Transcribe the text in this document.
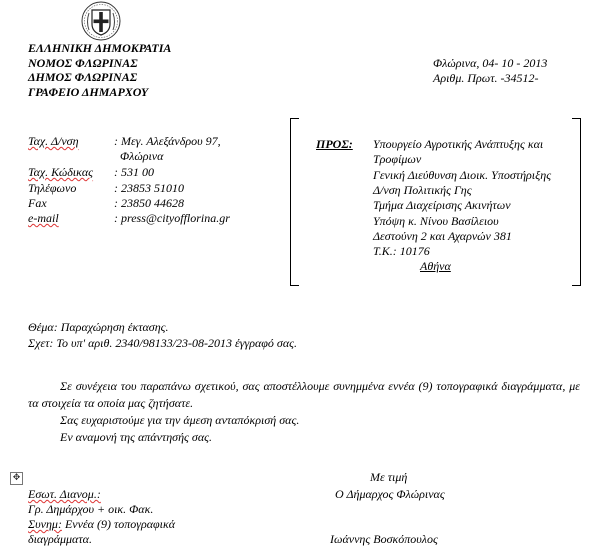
ΕΛΛΗΝΙΚΗ ΔΗΜΟΚΡΑΤΙΑ
ΝΟΜΟΣ ΦΛΩΡΙΝΑΣ
ΔΗΜΟΣ ΦΛΩΡΙΝΑΣ
ΓΡΑΦΕΙΟ ΔΗΜΑΡΧΟΥ
Φλώρινα, 04- 10 - 2013
Αριθμ. Πρωτ. -34512-
Ταχ. Δ/νση	: Μεγ. Αλεξάνδρου 97,
Φλώρινα
Ταχ. Κώδικας : 531 00
Τηλέφωνο	: 23853 51010
Fax	: 23850 44628
e-mail	: press@cityofflorina.gr
ΠΡΟΣ: Υπουργείο Αγροτικής Ανάπτυξης και
Τροφίμων
Γενική Διεύθυνση Διοικ. Υποστήριξης
Δ/νση Πολιτικής Γης
Τμήμα Διαχείρισης Ακινήτων
Υπόψη κ. Νίνου Βασίλειου
Δεστούνη 2 και Αχαρνών 381
Τ.Κ.: 10176
Αθήνα
Θέμα: Παραχώρηση έκτασης.
Σχετ: Το υπ' αριθ. 2340/98133/23-08-2013 έγγραφό σας.
Σε συνέχεια του παραπάνω σχετικού, σας αποστέλλουμε συνημμένα εννέα (9) τοπογραφικά διαγράμματα, με τα στοιχεία τα οποία μας ζητήσατε.
Σας ευχαριστούμε για την άμεση ανταπόκρισή σας.
Εν αναμονή της απάντησής σας.
✥
Εσωτ. Διανομ.:
Γρ. Δημάρχου + οικ. Φακ.
Συνημ: Εννέα (9) τοπογραφικά
διαγράμματα.
Με τιμή
Ο Δήμαρχος Φλώρινας
Ιωάννης Βοσκόπουλος
